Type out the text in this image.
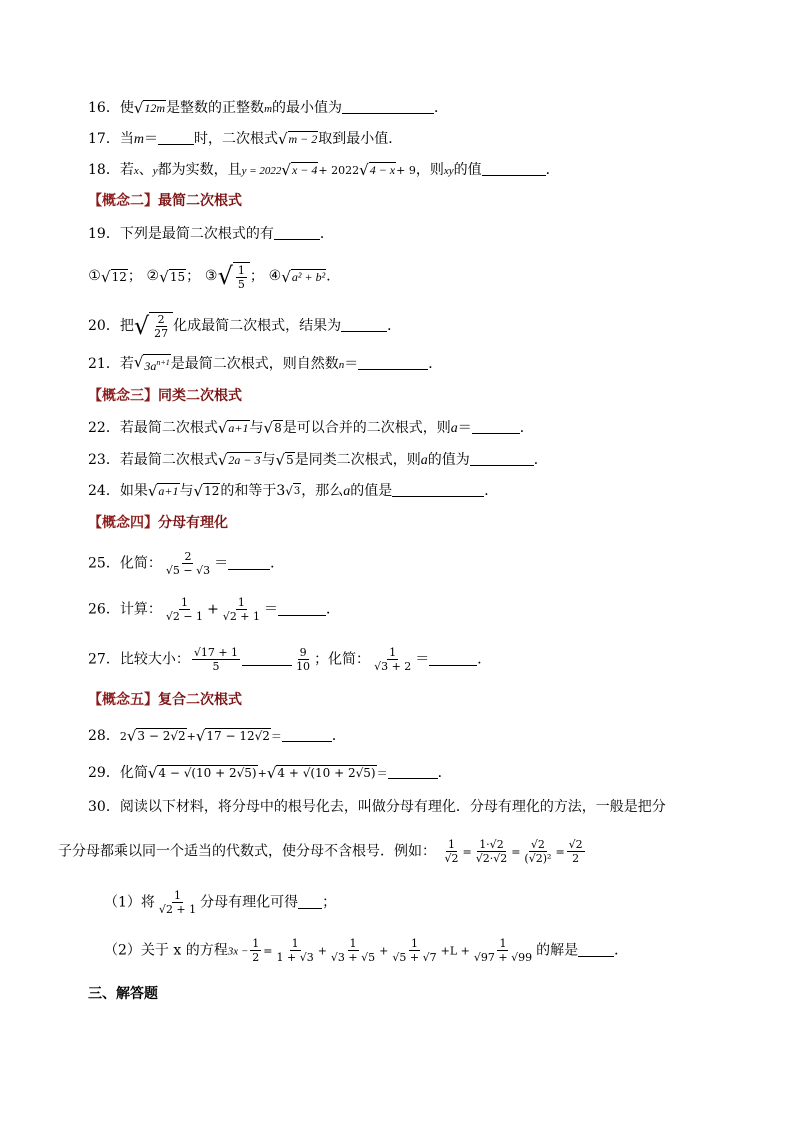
16．使 √ 12m 是整数的正整数m的最小值为	．
17．当m＝	时，二次根式 √ m − 2 取到最小值．
18．若x、y都为实数，且y = 2022 √ x − 4 + 2022 √ 4 − x + 9，则xy的值	．
【概念二】最简二次根式
19．下列是最简二次根式的有	．
① √ 12 ； ② √ 15 ； ③ √ $\frac{1}{5}$ ； ④ √ a² + b² ．
20．把 √ $\frac{2}{27}$ 化成最简二次根式，结果为	．
21．若 √ $3a^{n+1}$ 是最简二次根式，则自然数n＝	．
【概念三】同类二次根式
22．若最简二次根式 √ a+1 与 √ 8 是可以合并的二次根式，则a＝	．
23．若最简二次根式 √ 2a − 3 与 √ 5 是同类二次根式，则a的值为	．
24．如果 √ a+1 与 √ 12 的和等于3 √ 3 ，那么a的值是	．
【概念四】分母有理化
25．化简： $\frac{2}{√5 - √3}$ ＝	．
26．计算： $\frac{1}{√2 - 1} + \frac{1}{√2 + 1}$ ＝	．
27．比较大小： $\frac{√17 + 1}{5}$	$\frac{9}{10}$ ；化简： $\frac{1}{√3 + 2}$ ＝	．
【概念五】复合二次根式
28．2 √ 3 − 2√2 + √ 17 − 12√2 ＝	．
29．化简 √ 4 − √(10 + 2√5) + √ 4 + √(10 + 2√5) ＝	．
30．阅读以下材料，将分母中的根号化去，叫做分母有理化．分母有理化的方法，一般是把分
子分母都乘以同一个适当的代数式，使分母不含根号．例如： $\frac{1}{√2} = \frac{1\cdot√2}{√2\cdot√2} = \frac{√2}{\text{(√2)²}} = \frac{√2}{2}$
（1）将 $\frac{1}{√2 + 1}$ 分母有理化可得 ；
（2）关于 x 的方程$3x - \frac{1}{2} = \frac{1}{1 + √3} + \frac{1}{√3 + √5} + \frac{1}{√5 + √7} +L + \frac{1}{√97 + √99}$ 的解是	．
三、解答题
